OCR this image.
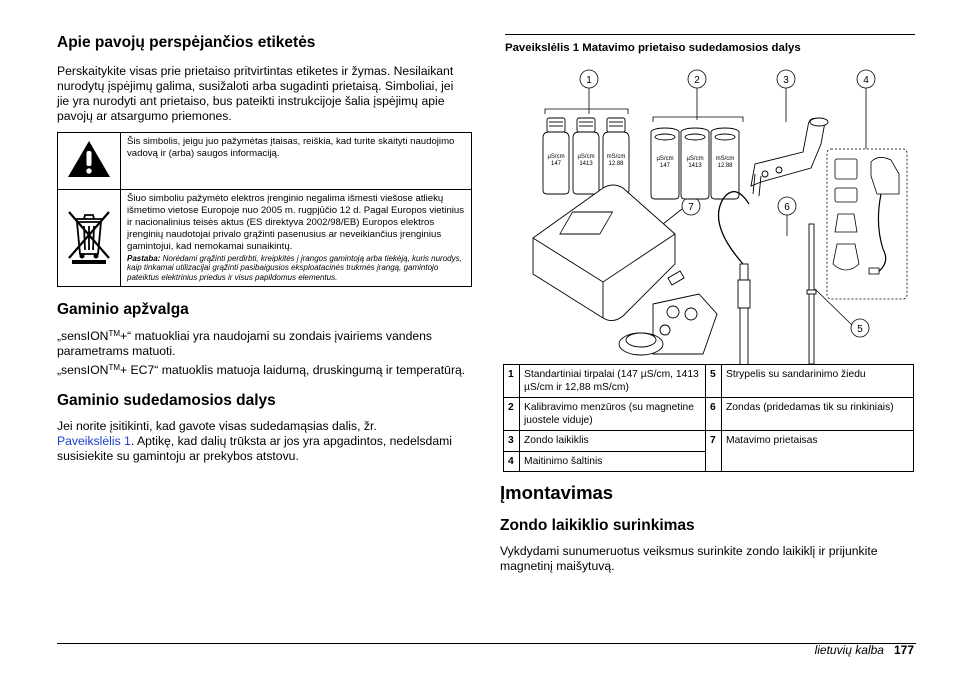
Apie pavojų perspėjančios etiketės

Perskaitykite visas prie prietaiso pritvirtintas etiketes ir žymas. Nesilaikant nurodytų įspėjimų galima, susižaloti arba sugadinti prietaisą. Simboliai, jei jie yra nurodyti ant prietaiso, bus pateikti instrukcijoje šalia įspėjimų apie pavojų ar atsargumo priemones.

	Šis simbolis, jeigu juo pažymėtas įtaisas, reiškia, kad turite skaityti naudojimo vadovą ir (arba) saugos informaciją.

Šiuo simboliu pažymėto elektros įrenginio negalima išmesti viešose atliekų išmetimo vietose Europoje nuo 2005 m. rugpjūčio 12 d. Pagal Europos vietinius ir nacionalinius teisės aktus (ES direktyva 2002/98/EB) Europos elektros įrenginių naudotojai privalo grąžinti pasenusius ar neveikiančius įrenginius gamintojui, kad nemokamai sunaikintų.
Pastaba: Norėdami grąžinti perdirbti, kreipkitės į įrangos gamintoją arba tiekėją, kuris nurodys, kaip tinkamai utilizacijai grąžinti pasibaigusios eksploatacinės trukmės įrangą, gamintojo pateiktus elektrinius priedus ir visus papildomus elementus.
Gaminio apžvalga

„sensION™+“ matuokliai yra naudojami su zondais įvairiems vandens parametrams matuoti.

„sensION™+ EC7“ matuoklis matuoja laidumą, druskingumą ir temperatūrą.

Gaminio sudedamosios dalys

Jei norite įsitikinti, kad gavote visas sudedamąsias dalis, žr.
Paveikslėlis 1. Aptikę, kad dalių trūksta ar jos yra apgadintos, nedelsdami susisiekite su gamintoju ar prekybos atstovu.

Paveikslėlis 1 Matavimo prietaiso sudedamosios dalys
µS/cm
147
µS/cm
1413
mS/cm
12.88
µS/cm
147
µS/cm
1413
mS/cm
12.88
1	2	3	4
5
6
7
1	Standartiniai tirpalai (147 µS/cm, 1413 µS/cm ir 12,88 mS/cm)	5	Strypelis su sandarinimo žiedu
2	Kalibravimo menzūros (su magnetine juostele viduje)	6	Zondas (pridedamas tik su rinkiniais)
3	Zondo laikiklis	7	Matavimo prietaisas
4	Maitinimo šaltinis		
Įmontavimas
Zondo laikiklio surinkimas

Vykdydami sunumeruotus veiksmus surinkite zondo laikiklį ir prijunkite magnetinį maišytuvą.

lietuvių kalba 177
